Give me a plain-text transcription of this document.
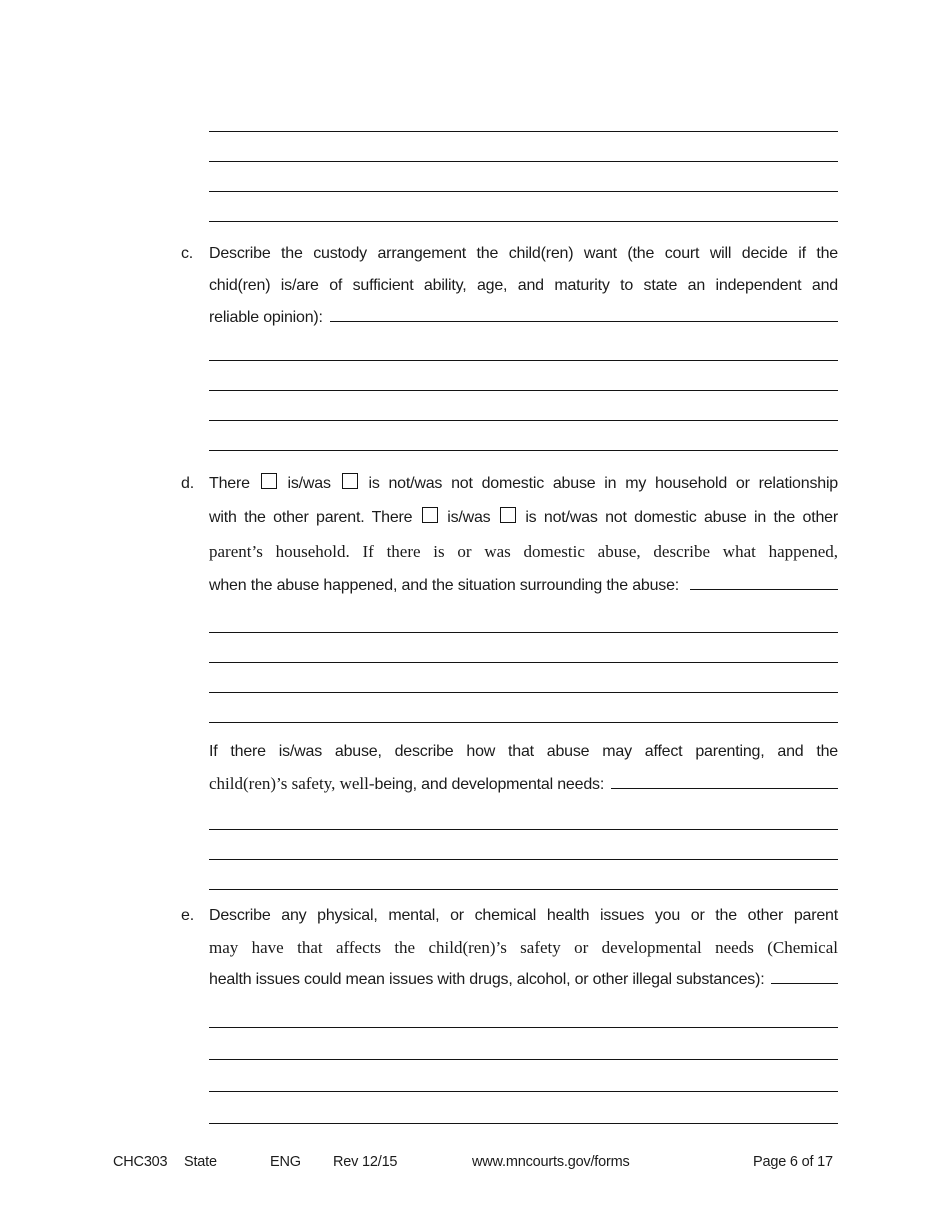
c. Describe the custody arrangement the child(ren) want (the court will decide if the
chid(ren) is/are of sufficient ability, age, and maturity to state an independent and
reliable opinion):
d. There  is/was  is not/was not domestic abuse in my household or relationship
with the other parent. There  is/was  is not/was not domestic abuse in the other
parent’s household. If there is or was domestic abuse, describe what happened,
when the abuse happened, and the situation surrounding the abuse:
If there is/was abuse, describe how that abuse may affect parenting, and the
child(ren)’s safety, well- being, and developmental needs:
e. Describe any physical, mental, or chemical health issues you or the other parent
may have that affects the child(ren)’s safety or developmental needs (Chemical
health issues could mean issues with drugs, alcohol, or other illegal substances):
CHC303 State	ENG Rev 12/15	www.mncourts.gov/forms	Page 6 of 17
